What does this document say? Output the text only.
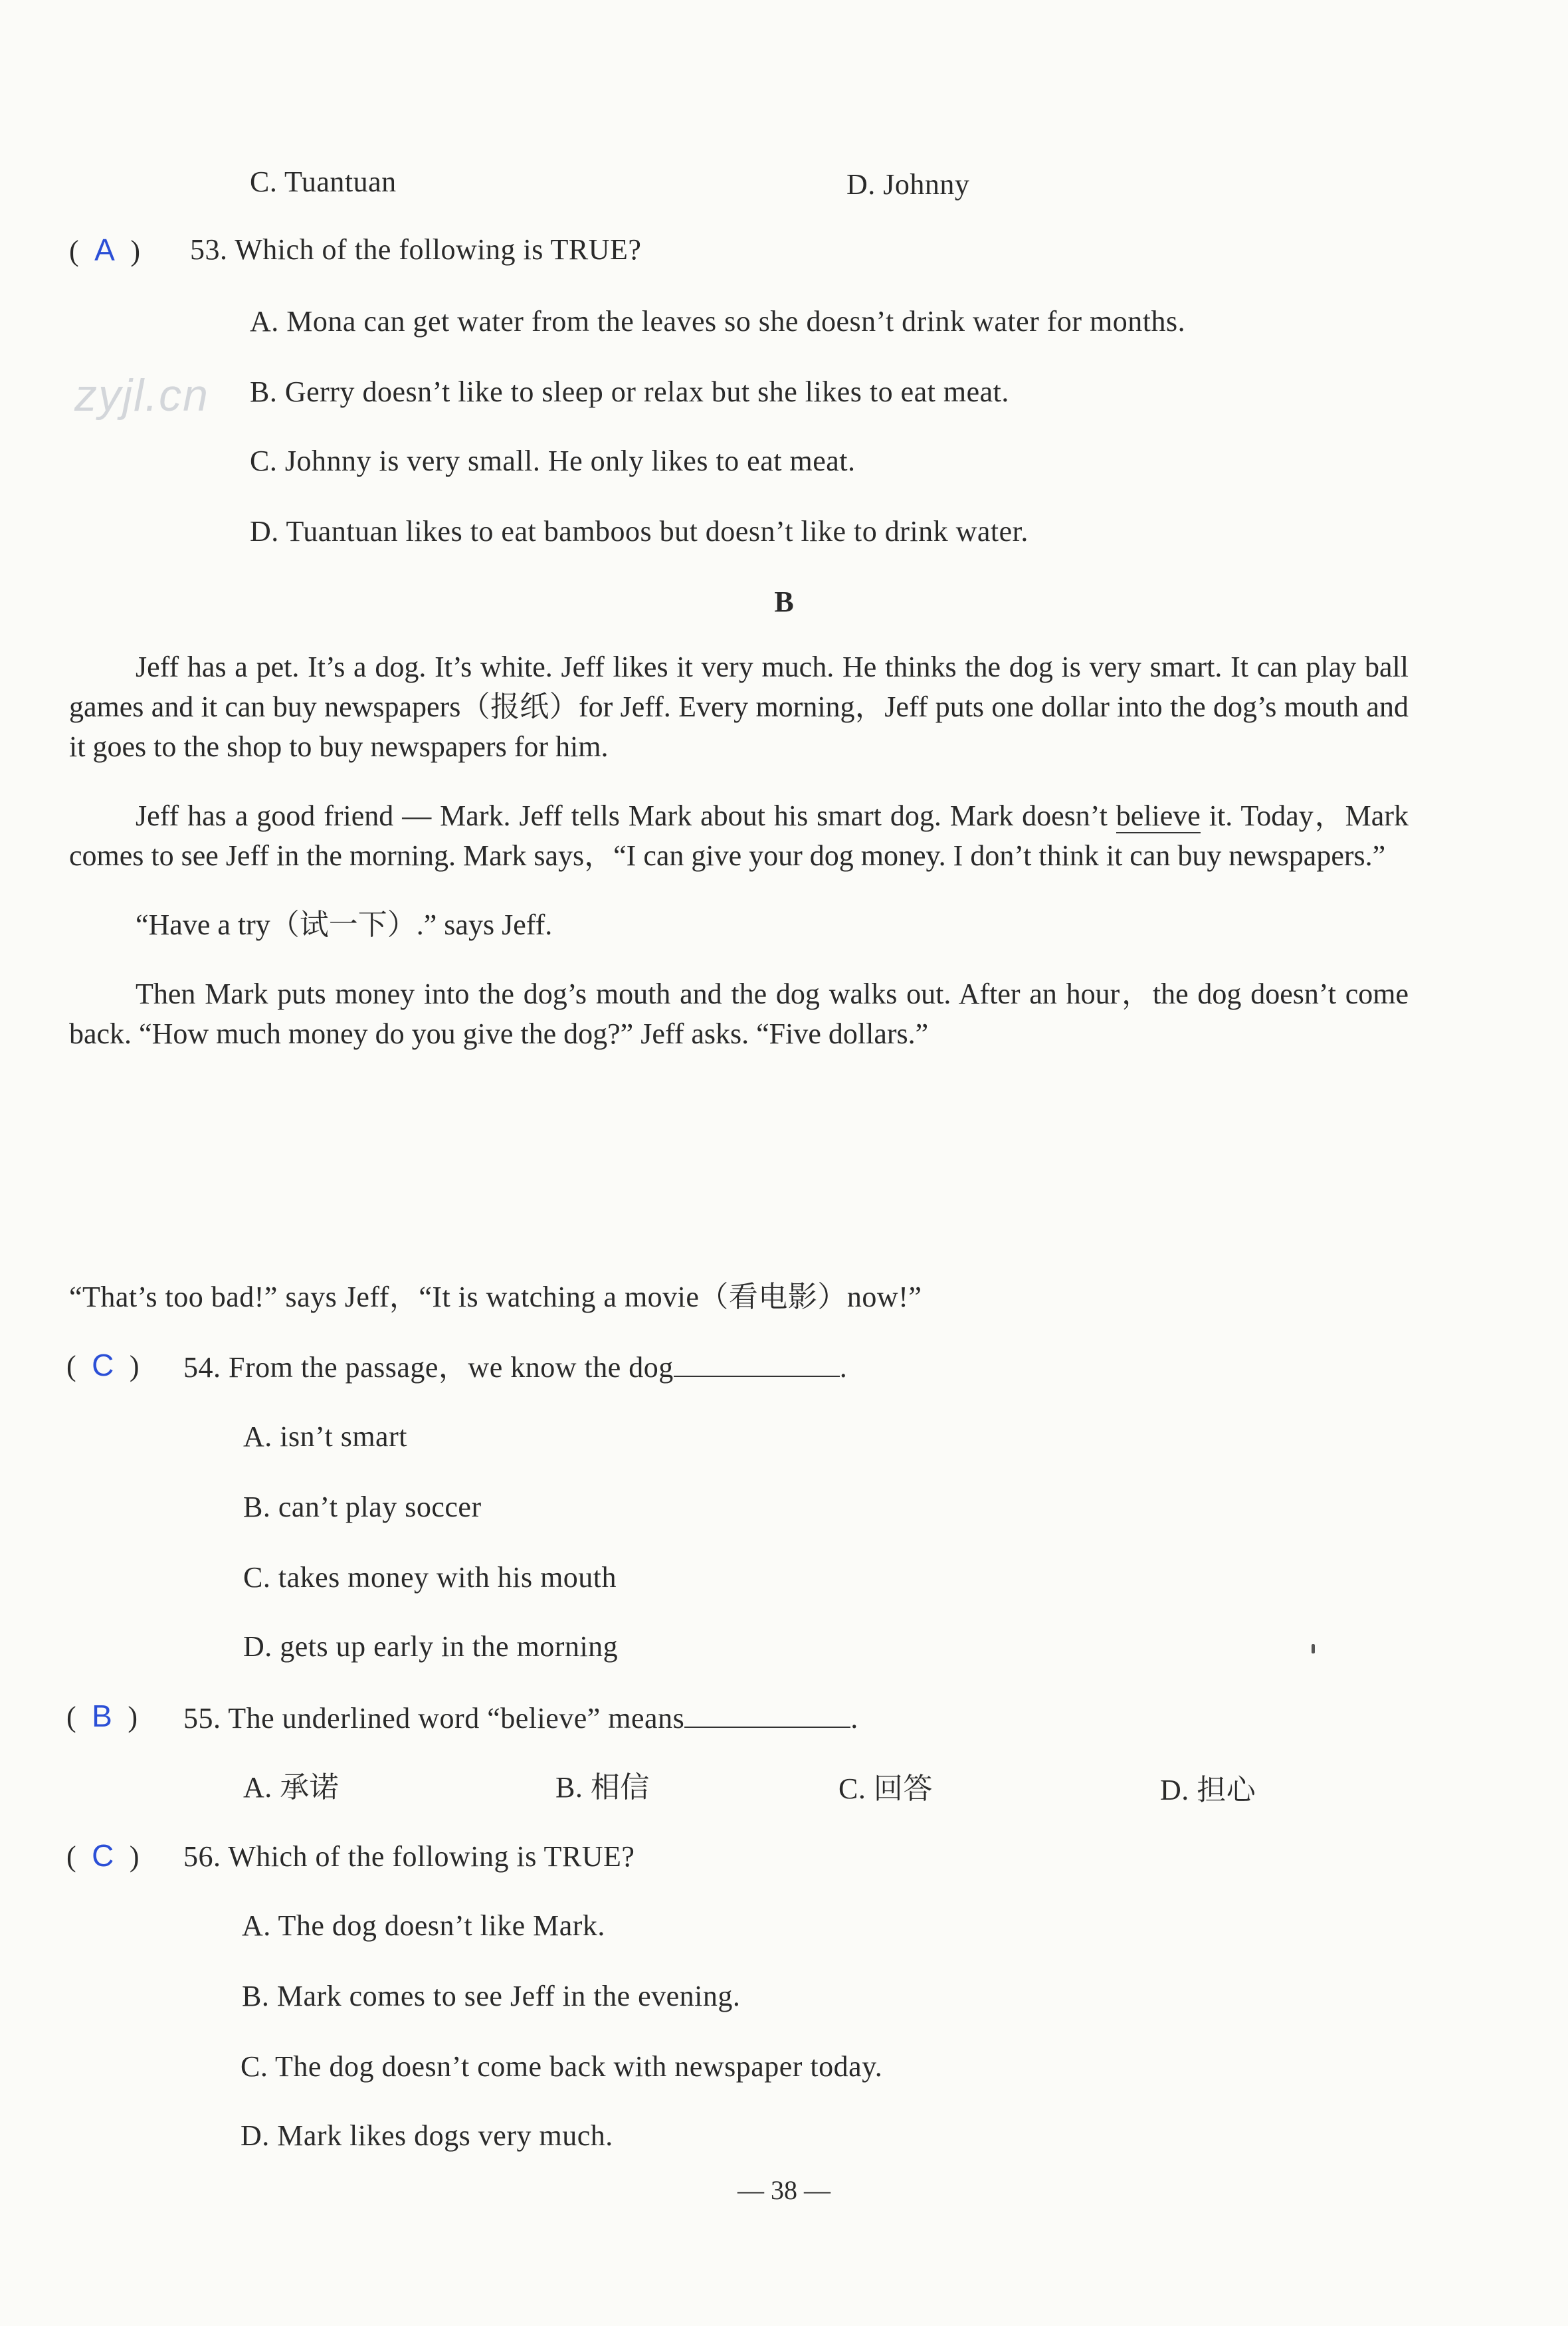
zyjl.cn
C. Tuantuan	D. Johnny
( A ) 53. Which of the following is TRUE?
A. Mona can get water from the leaves so she doesn’t drink water for months.
B. Gerry doesn’t like to sleep or relax but she likes to eat meat.
C. Johnny is very small. He only likes to eat meat.
D. Tuantuan likes to eat bamboos but doesn’t like to drink water.
B

Jeff has a pet. It’s a dog. It’s white. Jeff likes it very much. He thinks the dog is very smart. It can play ball games and it can buy newspapers（报纸）for Jeff. Every morning，Jeff puts one dollar into the dog’s mouth and it goes to the shop to buy newspapers for him.

Jeff has a good friend — Mark. Jeff tells Mark about his smart dog. Mark doesn’t believe it. Today，Mark comes to see Jeff in the morning. Mark says，“I can give your dog money. I don’t think it can buy newspapers.”

“Have a try（试一下）.” says Jeff.

Then Mark puts money into the dog’s mouth and the dog walks out. After an hour，the dog doesn’t come back. “How much money do you give the dog?” Jeff asks. “Five dollars.”

“That’s too bad!” says Jeff，“It is watching a movie（看电影）now!”
( C ) 54. From the passage，we know the dog	.
A. isn’t smart
B. can’t play soccer
C. takes money with his mouth
D. gets up early in the morning
( B ) 55. The underlined word “believe” means	.
A. 承诺	B. 相信	C. 回答	D. 担心
( C ) 56. Which of the following is TRUE?
A. The dog doesn’t like Mark.
B. Mark comes to see Jeff in the evening.
C. The dog doesn’t come back with newspaper today.
D. Mark likes dogs very much.
— 38 —
